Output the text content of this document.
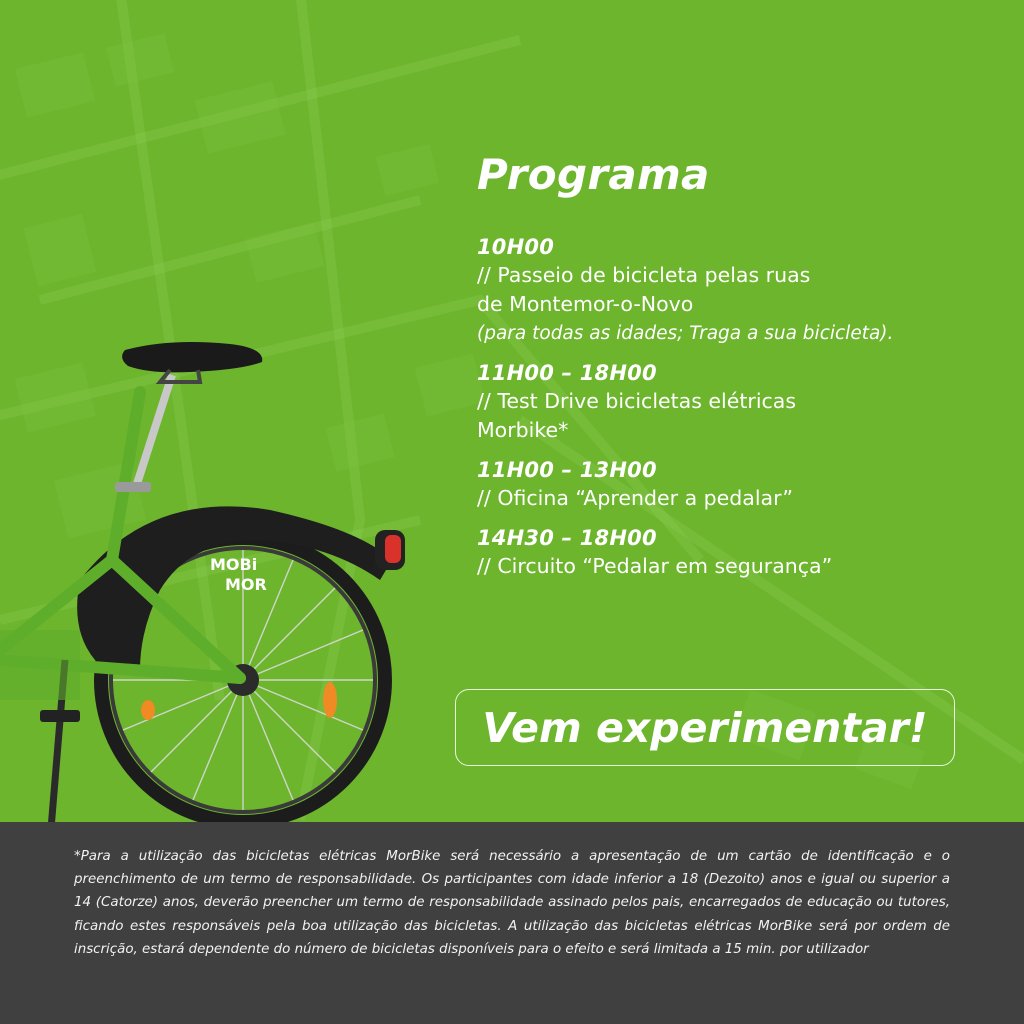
MOBi
MOR
Programa
10H00
// Passeio de bicicleta pelas ruas
de Montemor-o-Novo
(para todas as idades; Traga a sua bicicleta).
11H00 – 18H00
// Test Drive bicicletas elétricas
Morbike*
11H00 – 13H00
// Oficina “Aprender a pedalar”
14H30 – 18H00
// Circuito “Pedalar em segurança”
Vem experimentar!
*Para a utilização das bicicletas elétricas MorBike será necessário a apresentação de um cartão de identificação e o preenchimento de um termo de responsabilidade. Os participantes com idade inferior a 18 (Dezoito) anos e igual ou superior a 14 (Catorze) anos, deverão preencher um termo de responsabilidade assinado pelos pais, encarregados de educação ou tutores, ficando estes responsáveis pela boa utilização das bicicletas. A utilização das bicicletas elétricas MorBike será por ordem de inscrição, estará dependente do número de bicicletas disponíveis para o efeito e será limitada a 15 min. por utilizador
